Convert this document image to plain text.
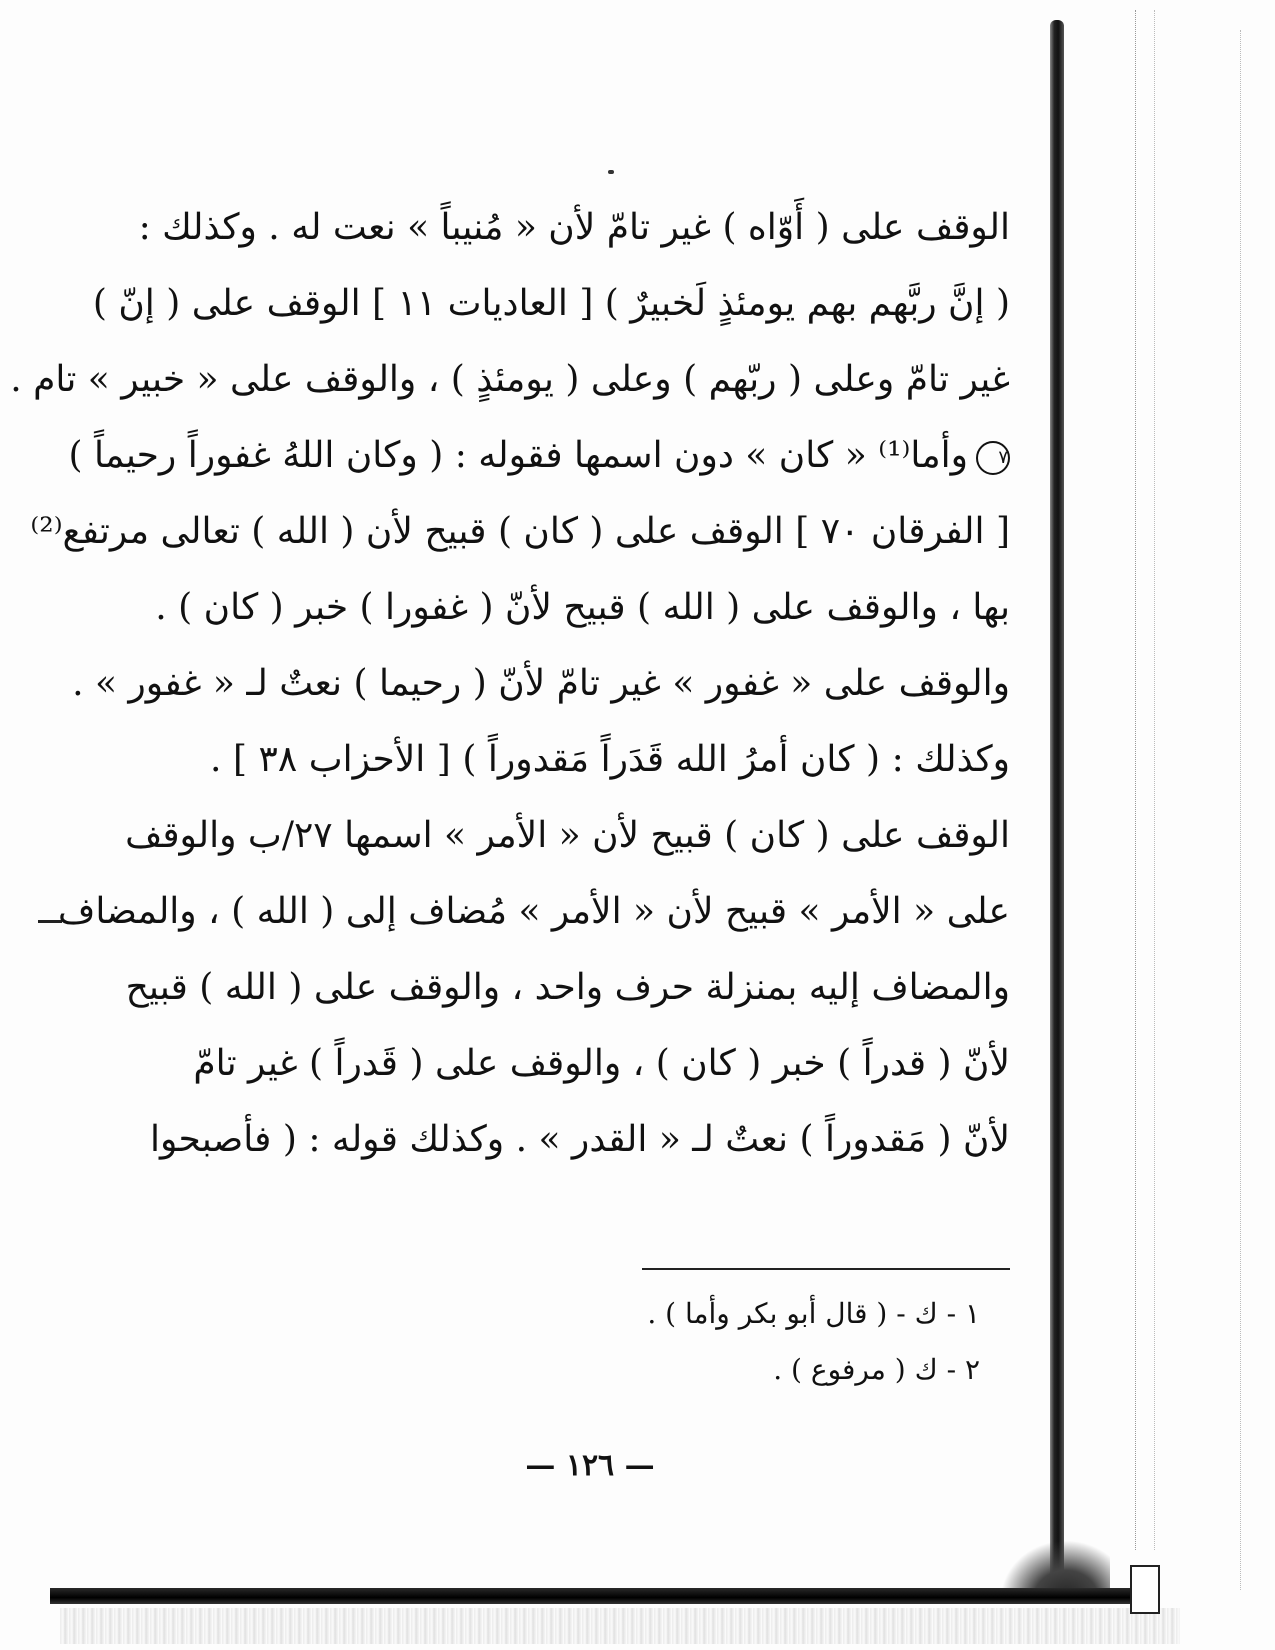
الوقف على ( أَوّاه ) غير تامّ لأن « مُنيباً » نعت له . وكذلك :
( إنَّ ربَّهم بهم يومئذٍ لَخبيرٌ ) [ العاديات ١١ ] الوقف على ( إنّ )
غير تامّ وعلى ( ربّهم ) وعلى ( يومئذٍ ) ، والوقف على « خبير » تام .
٧وأما⁽¹⁾ « كان » دون اسمها فقوله : ( وكان اللهُ غفوراً رحيماً )
[ الفرقان ٧٠ ] الوقف على ( كان ) قبيح لأن ( الله ) تعالى مرتفع⁽²⁾
بها ، والوقف على ( الله ) قبيح لأنّ ( غفورا ) خبر ( كان ) .
والوقف على « غفور » غير تامّ لأنّ ( رحيما ) نعتٌ لـ « غفور » .
وكذلك : ( كان أمرُ الله قَدَراً مَقدوراً ) [ الأحزاب ٣٨ ] .
الوقف على ( كان ) قبيح لأن « الأمر » اسمها ٢٧/ب والوقف
على « الأمر » قبيح لأن « الأمر » مُضاف إلى ( الله ) ، والمضاف
والمضاف إليه بمنزلة حرف واحد ، والوقف على ( الله ) قبيح
لأنّ ( قدراً ) خبر ( كان ) ، والوقف على ( قَدراً ) غير تامّ
لأنّ ( مَقدوراً ) نعتٌ لـ « القدر » . وكذلك قوله : ( فأصبحوا
١ - ك - ( قال أبو بكر وأما ) .
٢ - ك ( مرفوع ) .
— ١٢٦ —
